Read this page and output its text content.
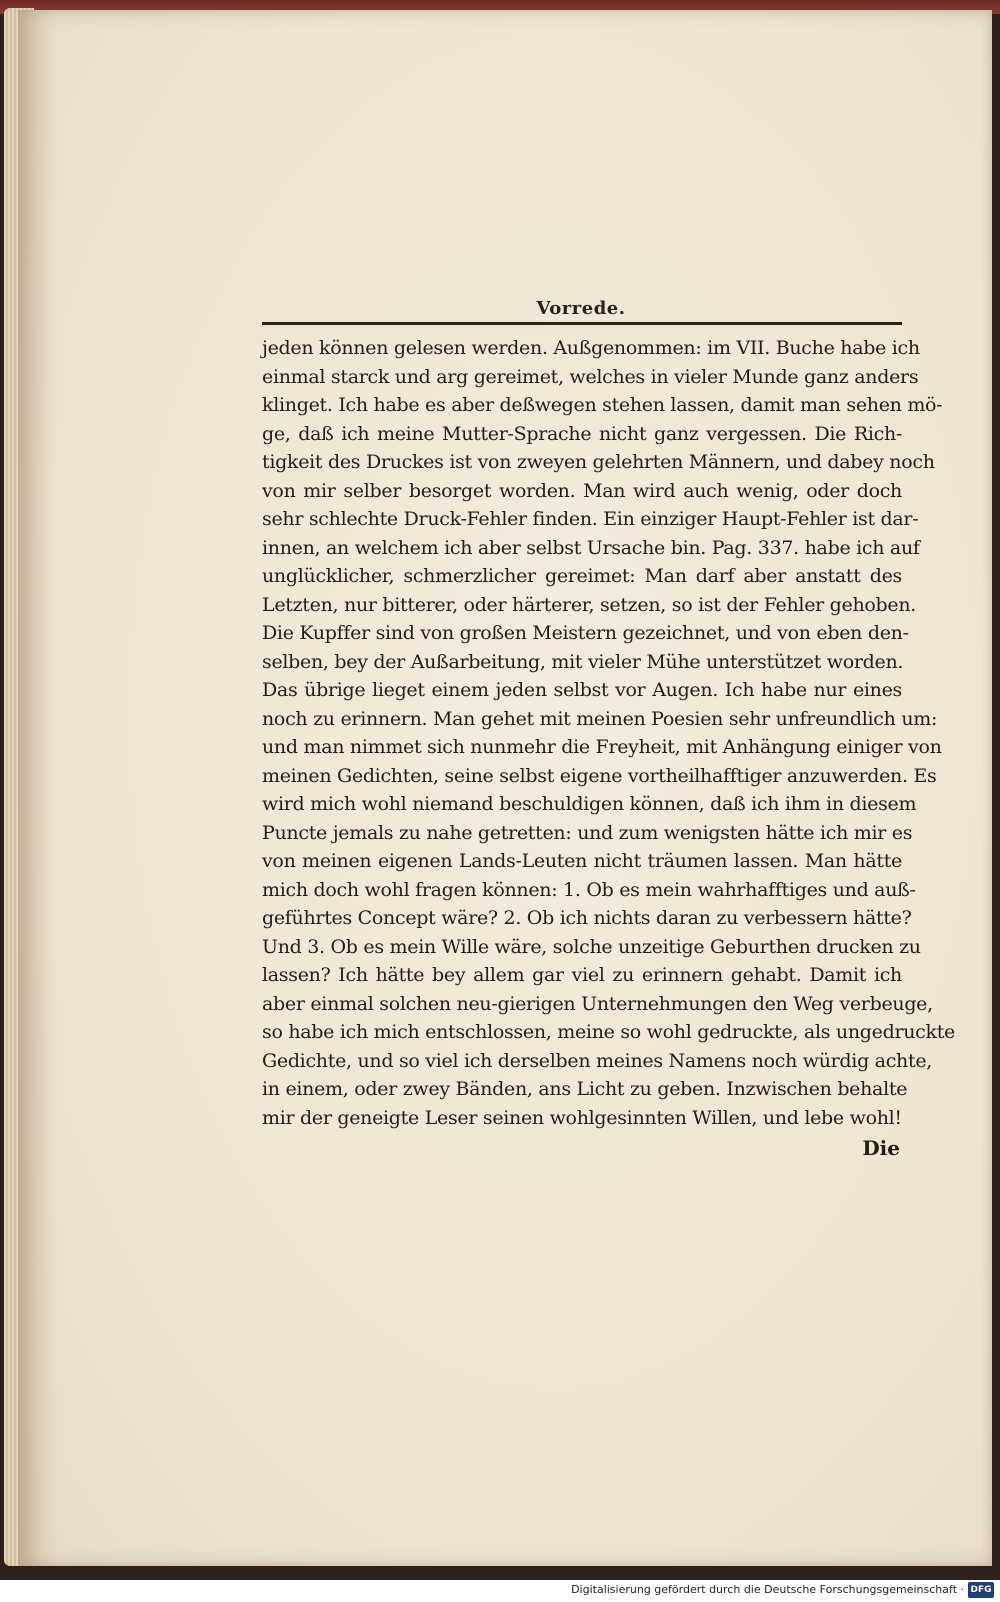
Vorrede.
jeden können gelesen werden. Außgenommen: im VII. Buche habe ich
einmal starck und arg gereimet, welches in vieler Munde ganz anders
klinget. Ich habe es aber deßwegen stehen lassen, damit man sehen mö-
ge, daß ich meine Mutter-Sprache nicht ganz vergessen. Die Rich-
tigkeit des Druckes ist von zweyen gelehrten Männern, und dabey noch
von mir selber besorget worden. Man wird auch wenig, oder doch
sehr schlechte Druck-Fehler finden. Ein einziger Haupt-Fehler ist dar-
innen, an welchem ich aber selbst Ursache bin. Pag. 337. habe ich auf
unglücklicher, schmerzlicher gereimet: Man darf aber anstatt des
Letzten, nur bitterer, oder härterer, setzen, so ist der Fehler gehoben.
Die Kupffer sind von großen Meistern gezeichnet, und von eben den-
selben, bey der Außarbeitung, mit vieler Mühe unterstützet worden.
Das übrige lieget einem jeden selbst vor Augen. Ich habe nur eines
noch zu erinnern. Man gehet mit meinen Poesien sehr unfreundlich um:
und man nimmet sich nunmehr die Freyheit, mit Anhängung einiger von
meinen Gedichten, seine selbst eigene vortheilhafftiger anzuwerden. Es
wird mich wohl niemand beschuldigen können, daß ich ihm in diesem
Puncte jemals zu nahe getretten: und zum wenigsten hätte ich mir es
von meinen eigenen Lands-Leuten nicht träumen lassen. Man hätte
mich doch wohl fragen können: 1. Ob es mein wahrhafftiges und auß-
geführtes Concept wäre? 2. Ob ich nichts daran zu verbessern hätte?
Und 3. Ob es mein Wille wäre, solche unzeitige Geburthen drucken zu
lassen? Ich hätte bey allem gar viel zu erinnern gehabt. Damit ich
aber einmal solchen neu-gierigen Unternehmungen den Weg verbeuge,
so habe ich mich entschlossen, meine so wohl gedruckte, als ungedruckte
Gedichte, und so viel ich derselben meines Namens noch würdig achte,
in einem, oder zwey Bänden, ans Licht zu geben. Inzwischen behalte
mir der geneigte Leser seinen wohlgesinnten Willen, und lebe wohl!
Die
Digitalisierung gefördert durch die Deutsche Forschungsgemeinschaft · DFG
